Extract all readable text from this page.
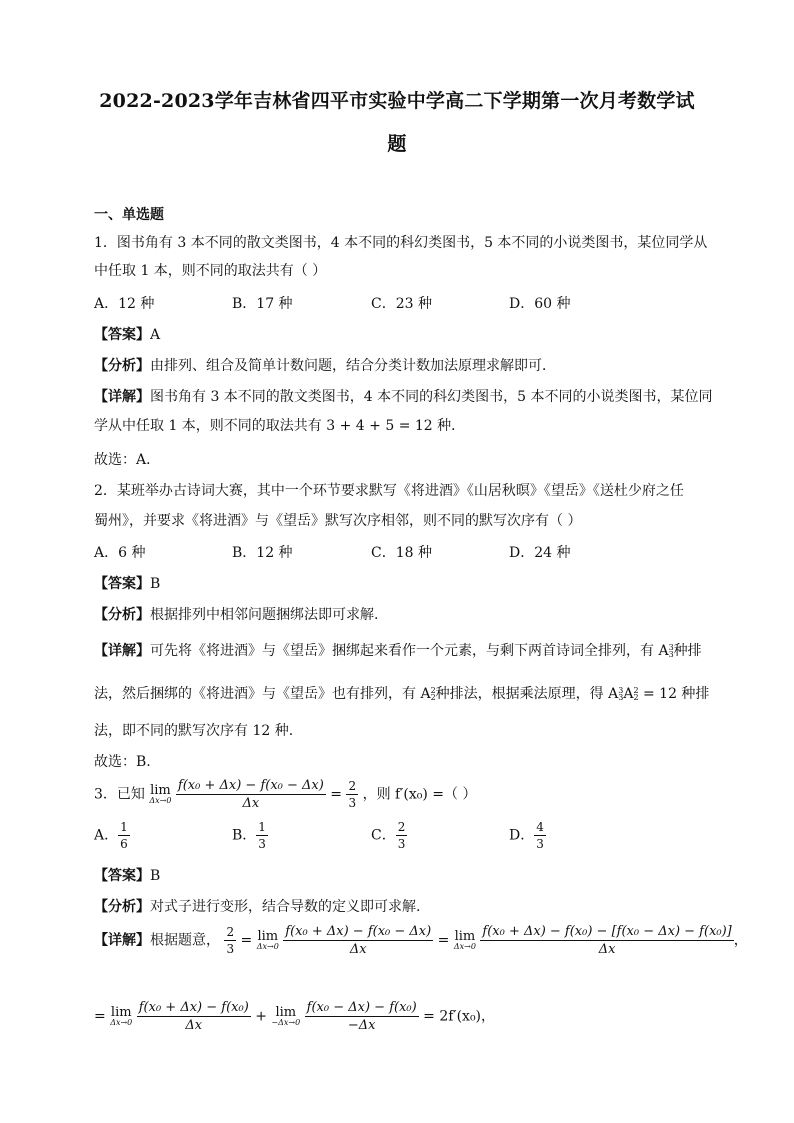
2022-2023学年吉林省四平市实验中学高二下学期第一次月考数学试
题
一、单选题
1．图书角有 3 本不同的散文类图书，4 本不同的科幻类图书，5 本不同的小说类图书，某位同学从
中任取 1 本，则不同的取法共有（ ）
A．12 种	B．17 种	C．23 种	D．60 种
【答案】A
【分析】由排列、组合及简单计数问题，结合分类计数加法原理求解即可．
【详解】图书角有 3 本不同的散文类图书，4 本不同的科幻类图书，5 本不同的小说类图书，某位同
学从中任取 1 本，则不同的取法共有 3 + 4 + 5 = 12 种．
故选：A．
2．某班举办古诗词大赛，其中一个环节要求默写《将进酒》《山居秋暝》《望岳》《送杜少府之任
蜀州》，并要求《将进酒》与《望岳》默写次序相邻，则不同的默写次序有（ ）
A．6 种	B．12 种	C．18 种	D．24 种
【答案】B
【分析】根据排列中相邻问题捆绑法即可求解.
【详解】可先将《将进酒》与《望岳》捆绑起来看作一个元素，与剩下两首诗词全排列，有 A3
3种排
法，然后捆绑的《将进酒》与《望岳》也有排列，有 A2
2种排法，根据乘法原理，得 A3
3A2
2 = 12 种排
法，即不同的默写次序有 12 种.
故选：B.
3．已知 lim
Δx→0
$\frac{\text{f(x₀ + Δx) − f(x₀ − Δx)}}{\Delta x} = \frac{2}{3}$ ，则 f′(x₀) =（ ）
A． $\frac{1}{6}$	B． $\frac{1}{3}$	C． $\frac{2}{3}$	D． $\frac{4}{3}$
【答案】B
【分析】对式子进行变形，结合导数的定义即可求解.
【详解】根据题意， $\frac{2}{3} = \lim$
Δx→0
$\frac{\text{f(x₀ + Δx) − f(x₀ − Δx)}}{\Delta x} = \lim$
Δx→0
$\frac{\text{f(x₀ + Δx) − f(x₀) − [f(x₀ − Δx) − f(x₀)]}}{\Delta x}$ ，
= lim
Δx→0
$\frac{\text{f(x₀ + Δx) − f(x₀)}}{\Delta x} + \lim$
−Δx→0
$\frac{\text{f(x₀ − Δx) − f(x₀)}}{-\Delta x} = 2f'(x_0)$，
